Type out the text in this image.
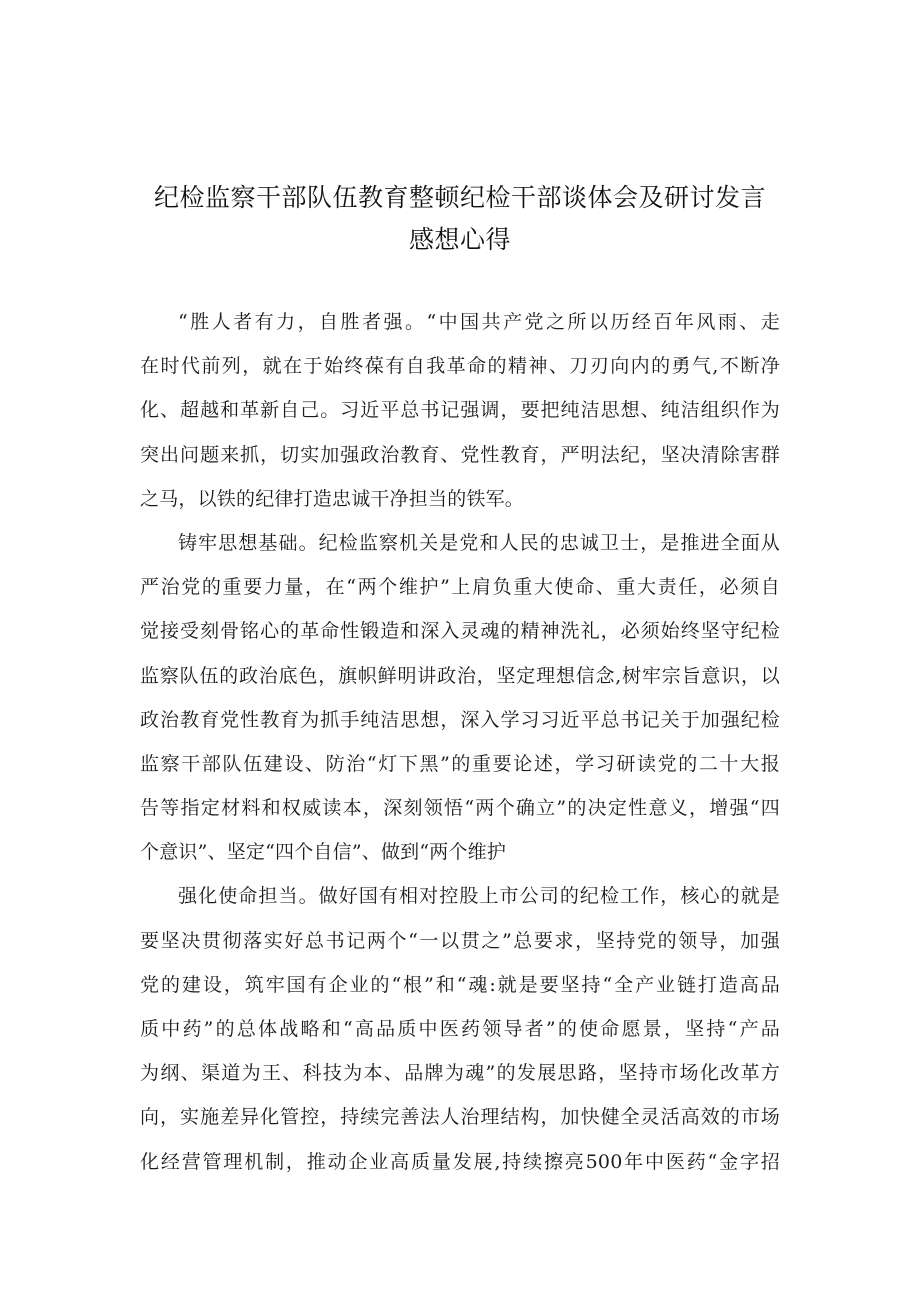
纪检监察干部队伍教育整顿纪检干部谈体会及研讨发言
感想心得
“胜人者有力，自胜者强。“中国共产党之所以历经百年风雨、走
在时代前列，就在于始终葆有自我革命的精神、刀刃向内的勇气,不断净
化、超越和革新自己。习近平总书记强调，要把纯洁思想、纯洁组织作为
突出问题来抓，切实加强政治教育、党性教育，严明法纪，坚决清除害群
之马，以铁的纪律打造忠诚干净担当的铁军。
铸牢思想基础。纪检监察机关是党和人民的忠诚卫士，是推进全面从
严治党的重要力量，在“两个维护”上肩负重大使命、重大责任，必须自
觉接受刻骨铭心的革命性锻造和深入灵魂的精神洗礼，必须始终坚守纪检
监察队伍的政治底色，旗帜鲜明讲政治，坚定理想信念,树牢宗旨意识，以
政治教育党性教育为抓手纯洁思想，深入学习习近平总书记关于加强纪检
监察干部队伍建设、防治“灯下黑”的重要论述，学习研读党的二十大报
告等指定材料和权威读本，深刻领悟“两个确立”的决定性意义，增强“四
个意识”、坚定“四个自信”、做到“两个维护
强化使命担当。做好国有相对控股上市公司的纪检工作，核心的就是
要坚决贯彻落实好总书记两个“一以贯之”总要求，坚持党的领导，加强
党的建设，筑牢国有企业的“根”和“魂:就是要坚持“全产业链打造高品
质中药”的总体战略和“高品质中医药领导者”的使命愿景，坚持“产品
为纲、渠道为王、科技为本、品牌为魂”的发展思路，坚持市场化改革方
向，实施差异化管控，持续完善法人治理结构，加快健全灵活高效的市场
化经营管理机制，推动企业高质量发展,持续擦亮500年中医药“金字招
